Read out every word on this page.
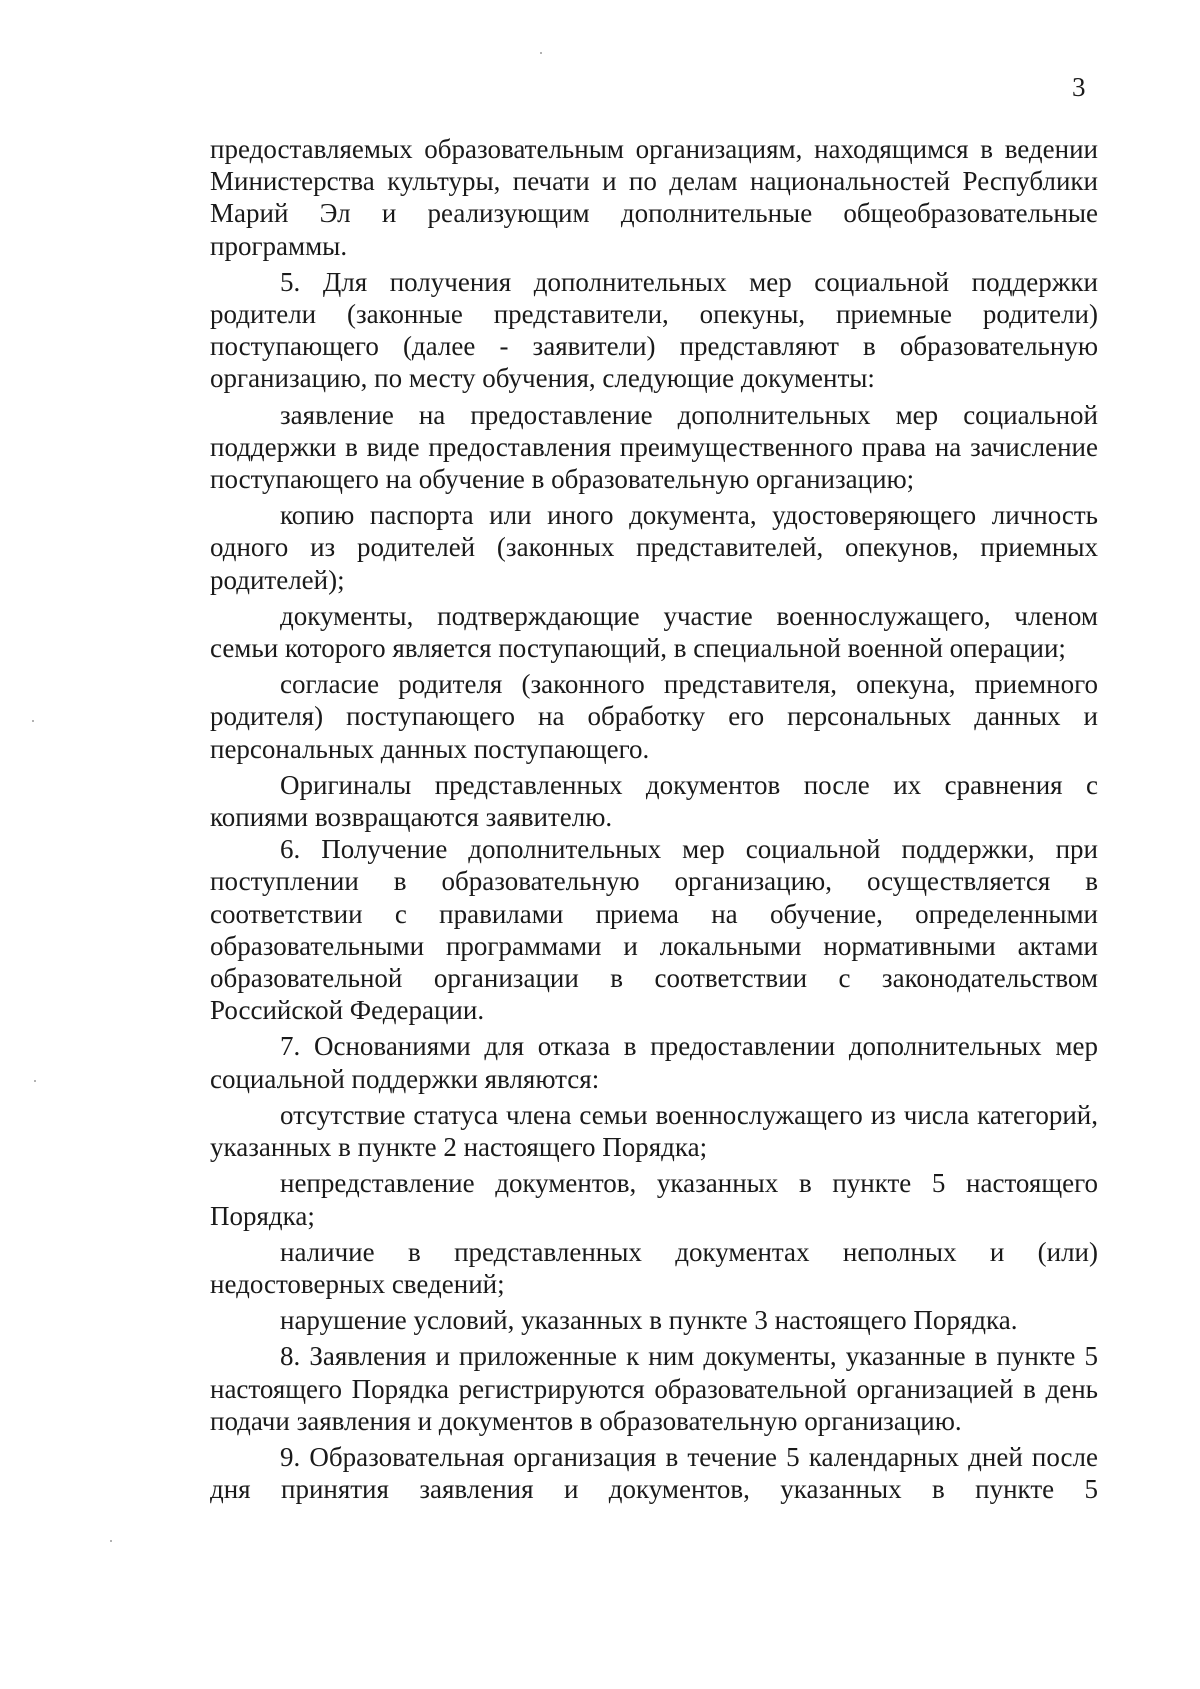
3

предоставляемых образовательным организациям, находящимся в ведении Министерства культуры, печати и по делам национальностей Республики Марий Эл и реализующим дополнительные общеобразовательные программы.

5. Для получения дополнительных мер социальной поддержки родители (законные представители, опекуны, приемные родители) поступающего (далее - заявители) представляют в образовательную организацию, по месту обучения, следующие документы:

заявление на предоставление дополнительных мер социальной поддержки в виде предоставления преимущественного права на зачисление поступающего на обучение в образовательную организацию;

копию паспорта или иного документа, удостоверяющего личность одного из родителей (законных представителей, опекунов, приемных родителей);

документы, подтверждающие участие военнослужащего, членом семьи которого является поступающий, в специальной военной операции;

согласие родителя (законного представителя, опекуна, приемного родителя) поступающего на обработку его персональных данных и персональных данных поступающего.

Оригиналы представленных документов после их сравнения с копиями возвращаются заявителю.

6. Получение дополнительных мер социальной поддержки, при поступлении в образовательную организацию, осуществляется в соответствии с правилами приема на обучение, определенными образовательными программами и локальными нормативными актами образовательной организации в соответствии с законодательством Российской Федерации.

7. Основаниями для отказа в предоставлении дополнительных мер социальной поддержки являются:

отсутствие статуса члена семьи военнослужащего из числа категорий, указанных в пункте 2 настоящего Порядка;

непредставление документов, указанных в пункте 5 настоящего Порядка;

наличие в представленных документах неполных и (или) недостоверных сведений;

нарушение условий, указанных в пункте 3 настоящего Порядка.

8. Заявления и приложенные к ним документы, указанные в пункте 5 настоящего Порядка регистрируются образовательной организацией в день подачи заявления и документов в образовательную организацию.

9. Образовательная организация в течение 5 календарных дней после дня принятия заявления и документов, указанных в пункте 5
